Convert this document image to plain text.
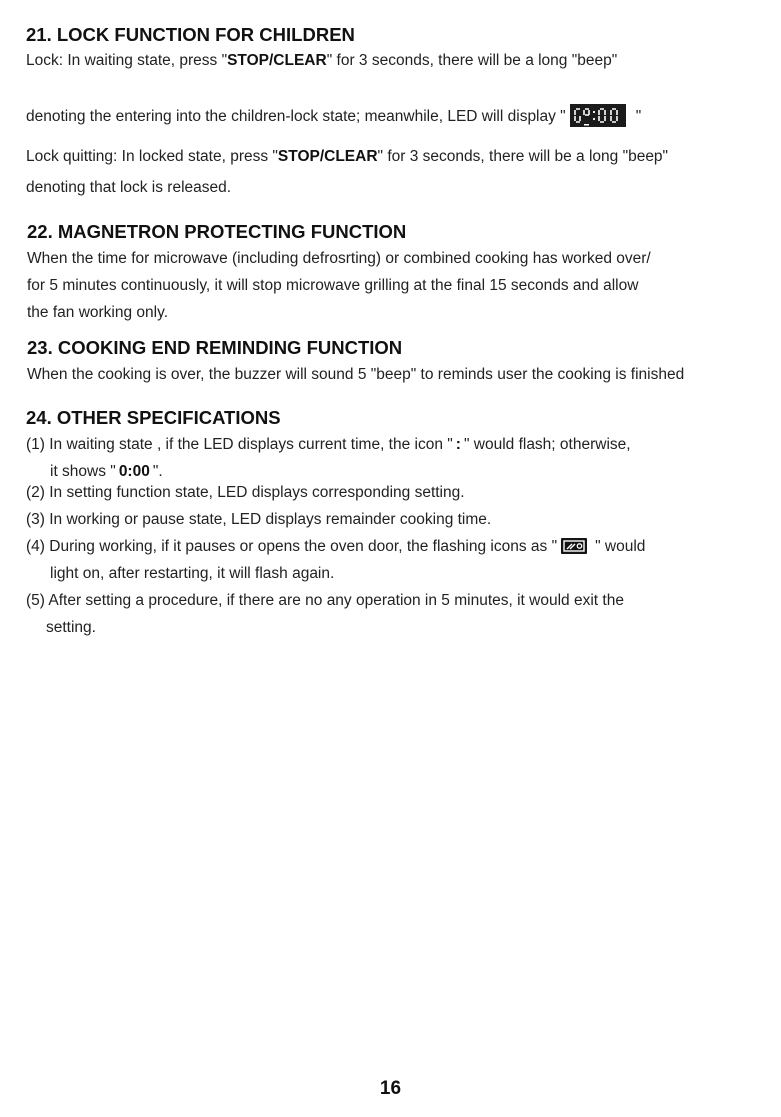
21. LOCK FUNCTION FOR CHILDREN
Lock: In waiting state, press "STOP/CLEAR" for 3 seconds, there will be a long "beep"
denoting the entering into the children-lock state; meanwhile, LED will display "	"
Lock quitting: In locked state, press "STOP/CLEAR" for 3 seconds, there will be a long "beep"
denoting that lock is released.
22. MAGNETRON PROTECTING FUNCTION
When the time for microwave (including defrosrting) or combined cooking has worked over/
for 5 minutes continuously, it will stop microwave grilling at the final 15 seconds and allow
the fan working only.
23. COOKING END REMINDING FUNCTION
When the cooking is over, the buzzer will sound 5 "beep" to reminds user the cooking is finished
24. OTHER SPECIFICATIONS
(1) In waiting state , if the LED displays current time, the icon " : " would flash; otherwise,
it shows " 0:00 ".
(2) In setting function state, LED displays corresponding setting.
(3) In working or pause state, LED displays remainder cooking time.
(4) During working, if it pauses or opens the oven door, the flashing icons as " " would
light on, after restarting, it will flash again.
(5) After setting a procedure, if there are no any operation in 5 minutes, it would exit the
setting.
16
